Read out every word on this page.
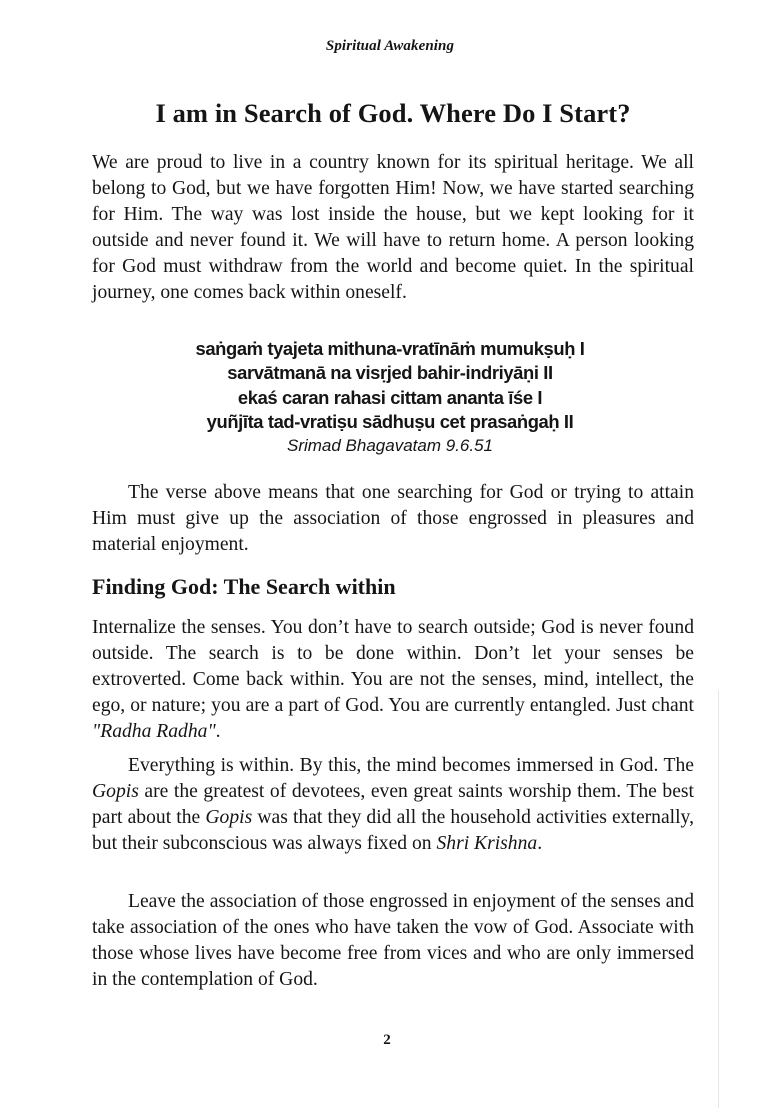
Spiritual Awakening
I am in Search of God. Where Do I Start?

We are proud to live in a country known for its spiritual heritage. We all belong to God, but we have forgotten Him! Now, we have started searching for Him. The way was lost inside the house, but we kept looking for it outside and never found it. We will have to return home. A person looking for God must withdraw from the world and become quiet. In the spiritual journey, one comes back within oneself.

saṅgaṁ tyajeta mithuna-vratīnāṁ mumukṣuḥ I
sarvātmanā na visṛjed bahir-indriyāṇi II
ekaś caran rahasi cittam ananta īśe I
yuñjīta tad-vratiṣu sādhuṣu cet prasaṅgaḥ II
Srimad Bhagavatam 9.6.51

The verse above means that one searching for God or trying to attain Him must give up the association of those engrossed in pleasures and material enjoyment.

Finding God: The Search within

Internalize the senses. You don’t have to search outside; God is never found outside. The search is to be done within. Don’t let your senses be extroverted. Come back within. You are not the senses, mind, intellect, the ego, or nature; you are a part of God. You are currently entangled. Just chant "Radha Radha".

Everything is within. By this, the mind becomes immersed in God. The Gopis are the greatest of devotees, even great saints worship them. The best part about the Gopis was that they did all the household activities externally, but their subconscious was always fixed on Shri Krishna.

Leave the association of those engrossed in enjoyment of the senses and take association of the ones who have taken the vow of God. Associate with those whose lives have become free from vices and who are only immersed in the contemplation of God.

2
